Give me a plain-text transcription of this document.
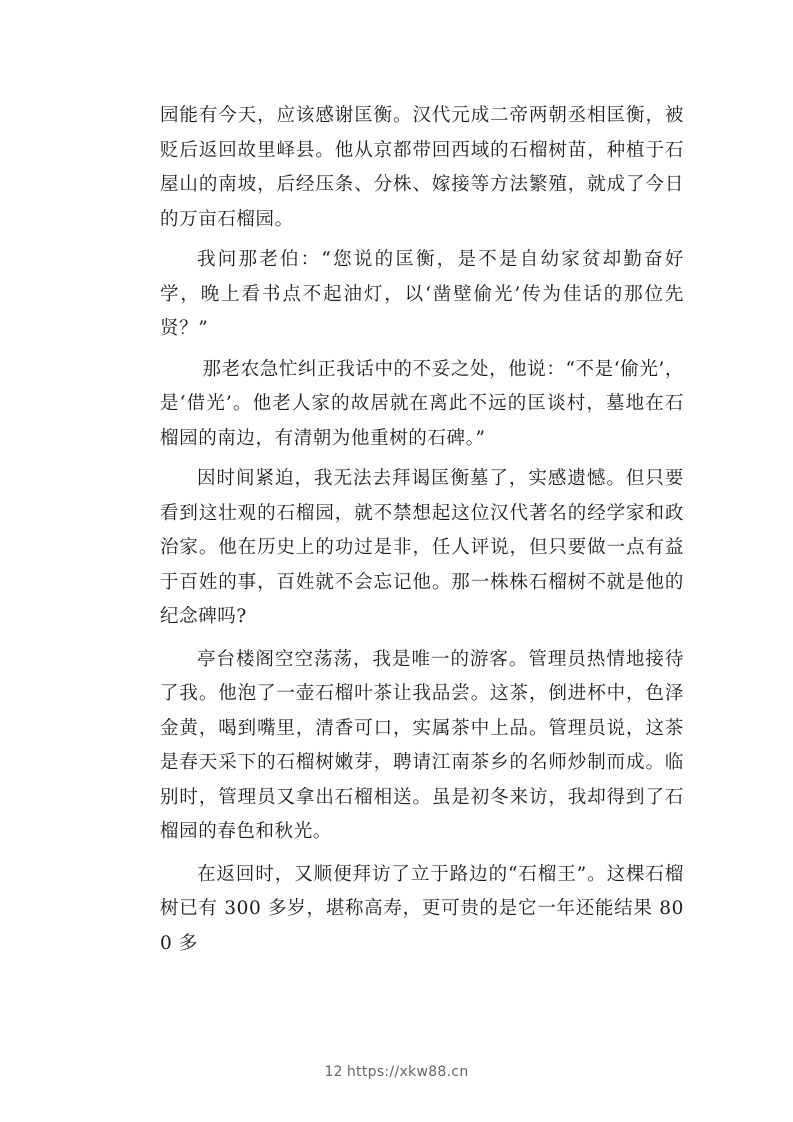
园能有今天，应该感谢匡衡。汉代元成二帝两朝丞相匡衡，被贬后返回故里峄县。他从京都带回西域的石榴树苗，种植于石屋山的南坡，后经压条、分株、嫁接等方法繁殖，就成了今日的万亩石榴园。

我问那老伯：“您说的匡衡，是不是自幼家贫却勤奋好学，晚上看书点不起油灯，以‘凿壁偷光’传为佳话的那位先贤？”

那老农急忙纠正我话中的不妥之处，他说：“不是‘偷光’，是‘借光’。他老人家的故居就在离此不远的匡谈村，墓地在石榴园的南边，有清朝为他重树的石碑。”

因时间紧迫，我无法去拜谒匡衡墓了，实感遗憾。但只要看到这壮观的石榴园，就不禁想起这位汉代著名的经学家和政治家。他在历史上的功过是非，任人评说，但只要做一点有益于百姓的事，百姓就不会忘记他。那一株株石榴树不就是他的纪念碑吗?

亭台楼阁空空荡荡，我是唯一的游客。管理员热情地接待了我。他泡了一壶石榴叶茶让我品尝。这茶，倒进杯中，色泽金黄，喝到嘴里，清香可口，实属茶中上品。管理员说，这茶是春天采下的石榴树嫩芽，聘请江南茶乡的名师炒制而成。临别时，管理员又拿出石榴相送。虽是初冬来访，我却得到了石榴园的春色和秋光。

在返回时，又顺便拜访了立于路边的“石榴王”。这棵石榴树已有 300 多岁，堪称高寿，更可贵的是它一年还能结果 800 多

12 https://xkw88.cn
